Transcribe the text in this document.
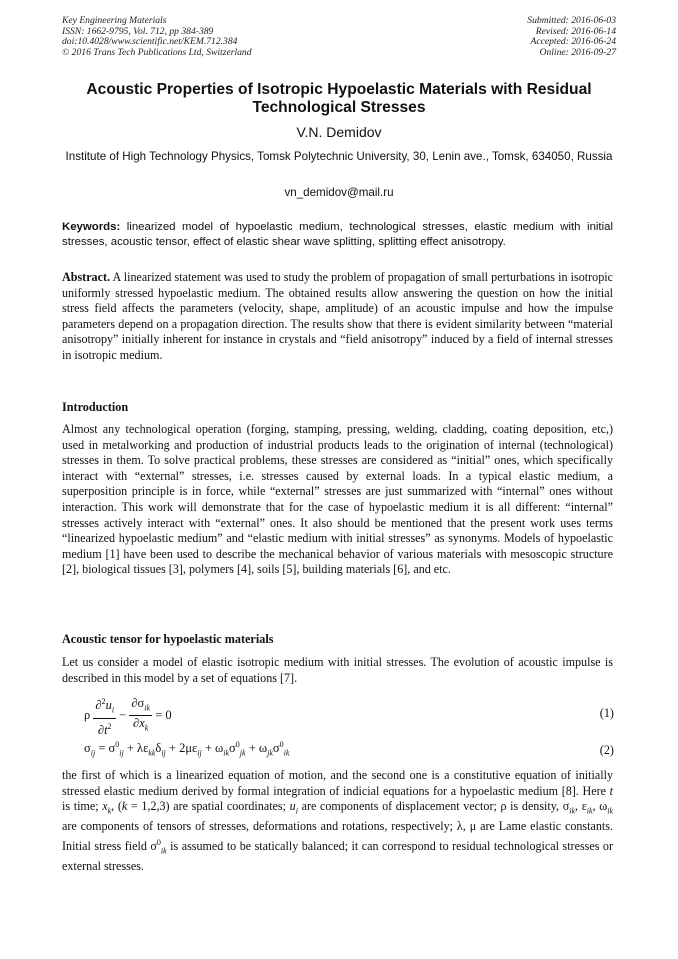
Key Engineering Materials
ISSN: 1662-9795, Vol. 712, pp 384-389
doi:10.4028/www.scientific.net/KEM.712.384
© 2016 Trans Tech Publications Ltd, Switzerland
Submitted: 2016-06-03
Revised: 2016-06-14
Accepted: 2016-06-24
Online: 2016-09-27
Acoustic Properties of Isotropic Hypoelastic Materials with Residual Technological Stresses
V.N. Demidov
Institute of High Technology Physics, Tomsk Polytechnic University, 30, Lenin ave., Tomsk, 634050, Russia
vn_demidov@mail.ru
Keywords: linearized model of hypoelastic medium, technological stresses, elastic medium with initial stresses, acoustic tensor, effect of elastic shear wave splitting, splitting effect anisotropy.
Abstract. A linearized statement was used to study the problem of propagation of small perturbations in isotropic uniformly stressed hypoelastic medium. The obtained results allow answering the question on how the initial stress field affects the parameters (velocity, shape, amplitude) of an acoustic impulse and how the impulse parameters depend on a propagation direction. The results show that there is evident similarity between “material anisotropy” initially inherent for instance in crystals and “field anisotropy” induced by a field of internal stresses in isotropic medium.
Introduction
Almost any technological operation (forging, stamping, pressing, welding, cladding, coating deposition, etc,) used in metalworking and production of industrial products leads to the origination of internal (technological) stresses in them. To solve practical problems, these stresses are considered as “initial” ones, which specifically interact with “external” stresses, i.e. stresses caused by external loads. In a typical elastic medium, a superposition principle is in force, while “external” stresses are just summarized with “internal” ones without interaction. This work will demonstrate that for the case of hypoelastic medium it is all different: “internal” stresses actively interact with “external” ones. It also should be mentioned that the present work uses terms “linearized hypoelastic medium” and “elastic medium with initial stresses” as synonyms. Models of hypoelastic medium [1] have been used to describe the mechanical behavior of various materials with mesoscopic structure [2], biological tissues [3], polymers [4], soils [5], building materials [6], and etc.
Acoustic tensor for hypoelastic materials
Let us consider a model of elastic isotropic medium with initial stresses. The evolution of acoustic impulse is described in this model by a set of equations [7].
ρ $\frac{\partial^2u_i}{\partial t^2} - \frac{\partial\sigma_{ik}}{\partial x_k} = 0$	(1)
$\sigma_{ij} = \sigma^0_{ij} + \lambda\varepsilon_{kk}\delta_{ij} + 2\mu\varepsilon_{ij} + \omega_{ik}\sigma^0_{jk} + \omega_{jk}\sigma^0_{ik}$	(2)
the first of which is a linearized equation of motion, and the second one is a constitutive equation of initially stressed elastic medium derived by formal integration of indicial equations for a hypoelastic medium [8]. Here t is time; $x_k$, (k = 1,2,3) are spatial coordinates; $u_i$ are components of displacement vector; ρ is density, $\sigma_{ik}$, $\varepsilon_{ik}$, $\omega_{ik}$ are components of tensors of stresses, deformations and rotations, respectively; λ, μ are Lame elastic constants. Initial stress field $\sigma^0_{ik}$ is assumed to be statically balanced; it can correspond to residual technological stresses or external stresses.
